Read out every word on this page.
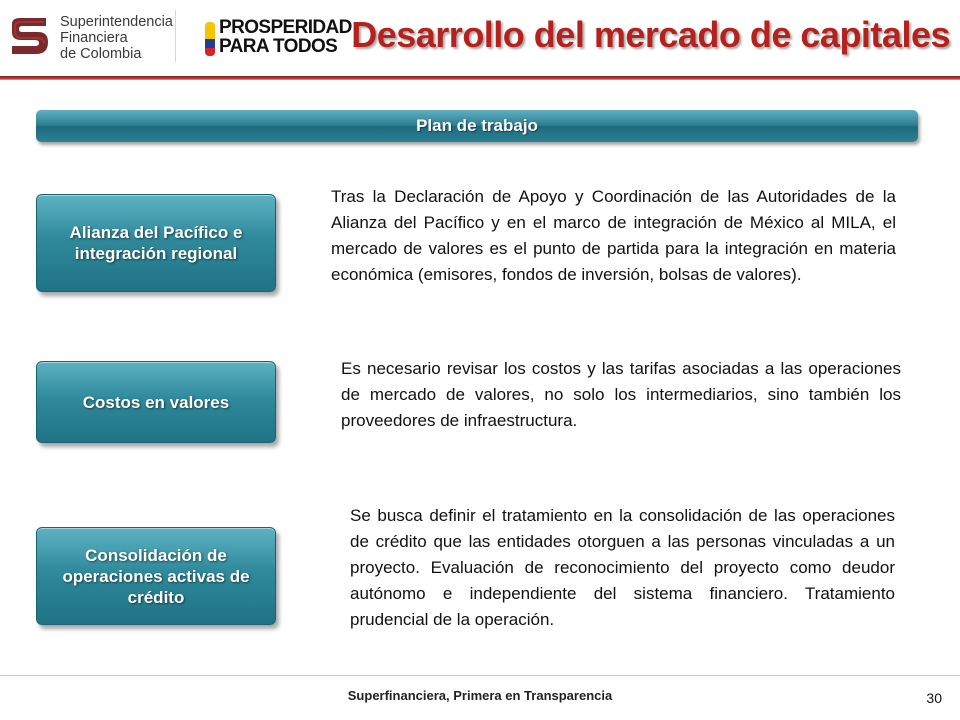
Superintendencia
Financiera
de Colombia
PROSPERIDAD
PARA TODOS Desarrollo del mercado de capitales
Plan de trabajo
Alianza del Pacífico e integración regional
Tras la Declaración de Apoyo y Coordinación de las Autoridades de la Alianza del Pacífico y en el marco de integración de México al MILA, el mercado de valores es el punto de partida para la integración en materia económica (emisores, fondos de inversión, bolsas de valores).
Costos en valores
Es necesario revisar los costos y las tarifas asociadas a las operaciones de mercado de valores, no solo los intermediarios, sino también los proveedores de infraestructura.
Consolidación de operaciones activas de crédito
Se busca definir el tratamiento en la consolidación de las operaciones de crédito que las entidades otorguen a las personas vinculadas a un proyecto. Evaluación de reconocimiento del proyecto como deudor autónomo e independiente del sistema financiero. Tratamiento prudencial de la operación.
Superfinanciera, Primera en Transparencia	30
